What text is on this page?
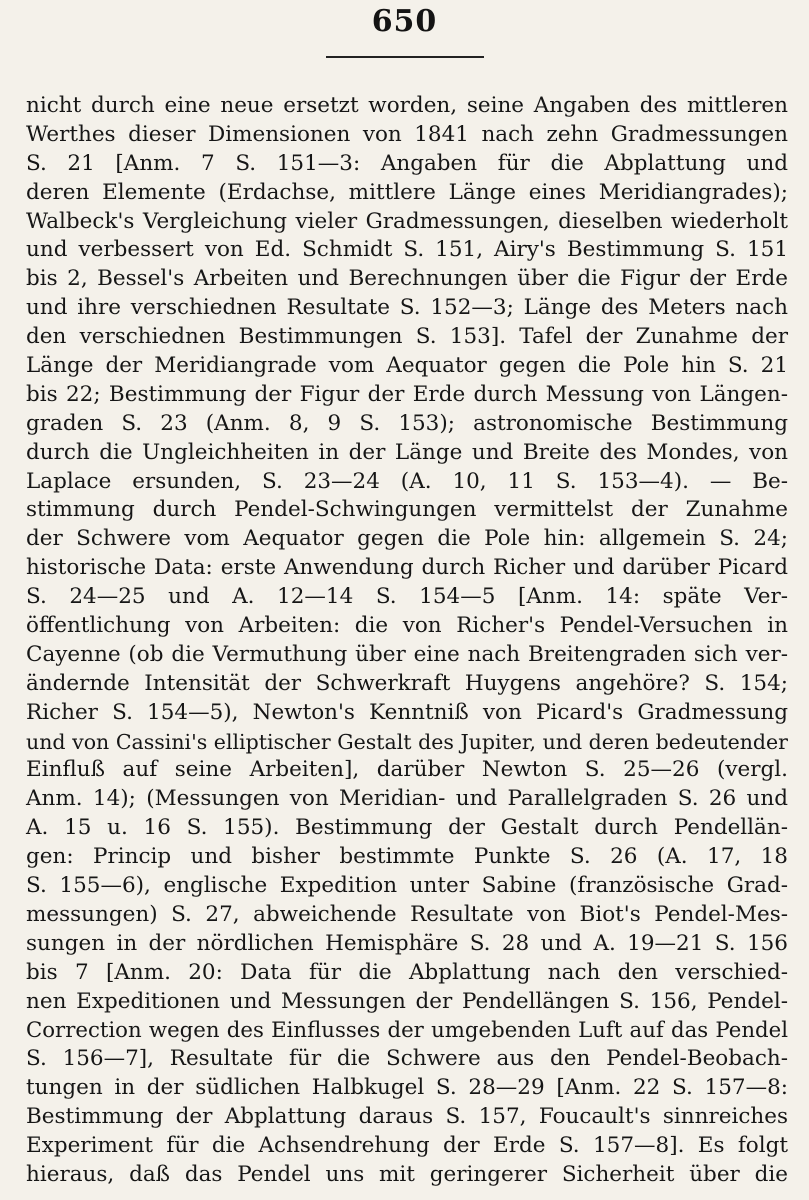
650
nicht durch eine neue ersetzt worden, seine Angaben des mittleren
Werthes dieser Dimensionen von 1841 nach zehn Gradmessungen
S. 21 [Anm. 7 S. 151—3: Angaben für die Abplattung und
deren Elemente (Erdachse, mittlere Länge eines Meridiangrades);
Walbeck's Vergleichung vieler Gradmessungen, dieselben wiederholt
und verbessert von Ed. Schmidt S. 151, Airy's Bestimmung S. 151
bis 2, Bessel's Arbeiten und Berechnungen über die Figur der Erde
und ihre verschiednen Resultate S. 152—3; Länge des Meters nach
den verschiednen Bestimmungen S. 153]. Tafel der Zunahme der
Länge der Meridiangrade vom Aequator gegen die Pole hin S. 21
bis 22; Bestimmung der Figur der Erde durch Messung von Längen-
graden S. 23 (Anm. 8, 9 S. 153); astronomische Bestimmung
durch die Ungleichheiten in der Länge und Breite des Mondes, von
Laplace ersunden, S. 23—24 (A. 10, 11 S. 153—4). — Be-
stimmung durch Pendel-Schwingungen vermittelst der Zunahme
der Schwere vom Aequator gegen die Pole hin: allgemein S. 24;
historische Data: erste Anwendung durch Richer und darüber Picard
S. 24—25 und A. 12—14 S. 154—5 [Anm. 14: späte Ver-
öffentlichung von Arbeiten: die von Richer's Pendel-Versuchen in
Cayenne (ob die Vermuthung über eine nach Breitengraden sich ver-
ändernde Intensität der Schwerkraft Huygens angehöre? S. 154;
Richer S. 154—5), Newton's Kenntniß von Picard's Gradmessung
und von Cassini's elliptischer Gestalt des Jupiter, und deren bedeutender
Einfluß auf seine Arbeiten], darüber Newton S. 25—26 (vergl.
Anm. 14); (Messungen von Meridian- und Parallelgraden S. 26 und
A. 15 u. 16 S. 155). Bestimmung der Gestalt durch Pendellän-
gen: Princip und bisher bestimmte Punkte S. 26 (A. 17, 18
S. 155—6), englische Expedition unter Sabine (französische Grad-
messungen) S. 27, abweichende Resultate von Biot's Pendel-Mes-
sungen in der nördlichen Hemisphäre S. 28 und A. 19—21 S. 156
bis 7 [Anm. 20: Data für die Abplattung nach den verschied-
nen Expeditionen und Messungen der Pendellängen S. 156, Pendel-
Correction wegen des Einflusses der umgebenden Luft auf das Pendel
S. 156—7], Resultate für die Schwere aus den Pendel-Beobach-
tungen in der südlichen Halbkugel S. 28—29 [Anm. 22 S. 157—8:
Bestimmung der Abplattung daraus S. 157, Foucault's sinnreiches
Experiment für die Achsendrehung der Erde S. 157—8]. Es folgt
hieraus, daß das Pendel uns mit geringerer Sicherheit über die
